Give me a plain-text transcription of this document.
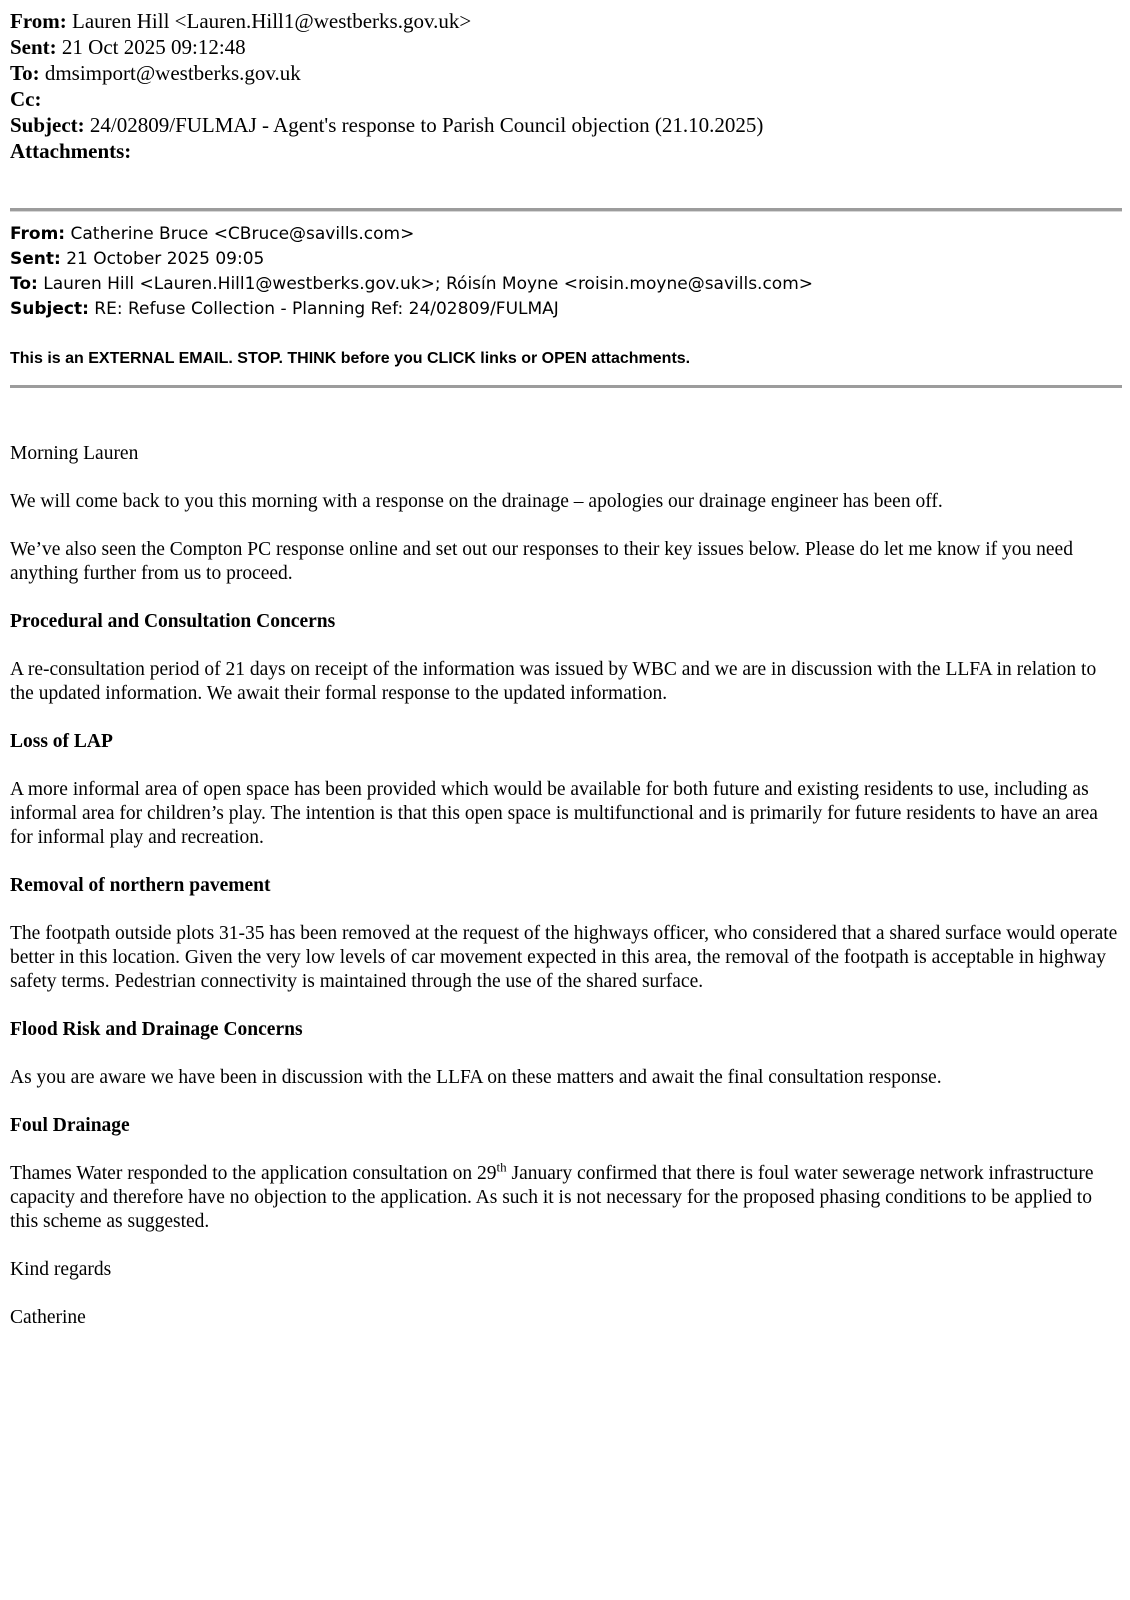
From: Lauren Hill <Lauren.Hill1@westberks.gov.uk>
Sent: 21 Oct 2025 09:12:48
To: dmsimport@westberks.gov.uk
Cc:
Subject: 24/02809/FULMAJ - Agent's response to Parish Council objection (21.10.2025)
Attachments:
From: Catherine Bruce <CBruce@savills.com>
Sent: 21 October 2025 09:05
To: Lauren Hill <Lauren.Hill1@westberks.gov.uk>; Róisín Moyne <roisin.moyne@savills.com>
Subject: RE: Refuse Collection - Planning Ref: 24/02809/FULMAJ
This is an EXTERNAL EMAIL. STOP. THINK before you CLICK links or OPEN attachments.

Morning Lauren

We will come back to you this morning with a response on the drainage – apologies our drainage engineer has been off.

We’ve also seen the Compton PC response online and set out our responses to their key issues below. Please do let me know if you need anything further from us to proceed.

Procedural and Consultation Concerns

A re-consultation period of 21 days on receipt of the information was issued by WBC and we are in discussion with the LLFA in relation to the updated information. We await their formal response to the updated information.

Loss of LAP

A more informal area of open space has been provided which would be available for both future and existing residents to use, including as informal area for children’s play. The intention is that this open space is multifunctional and is primarily for future residents to have an area for informal play and recreation.

Removal of northern pavement

The footpath outside plots 31-35 has been removed at the request of the highways officer, who considered that a shared surface would operate better in this location. Given the very low levels of car movement expected in this area, the removal of the footpath is acceptable in highway safety terms. Pedestrian connectivity is maintained through the use of the shared surface.

Flood Risk and Drainage Concerns

As you are aware we have been in discussion with the LLFA on these matters and await the final consultation response.

Foul Drainage

Thames Water responded to the application consultation on 29th January confirmed that there is foul water sewerage network infrastructure capacity and therefore have no objection to the application. As such it is not necessary for the proposed phasing conditions to be applied to this scheme as suggested.

Kind regards

Catherine
